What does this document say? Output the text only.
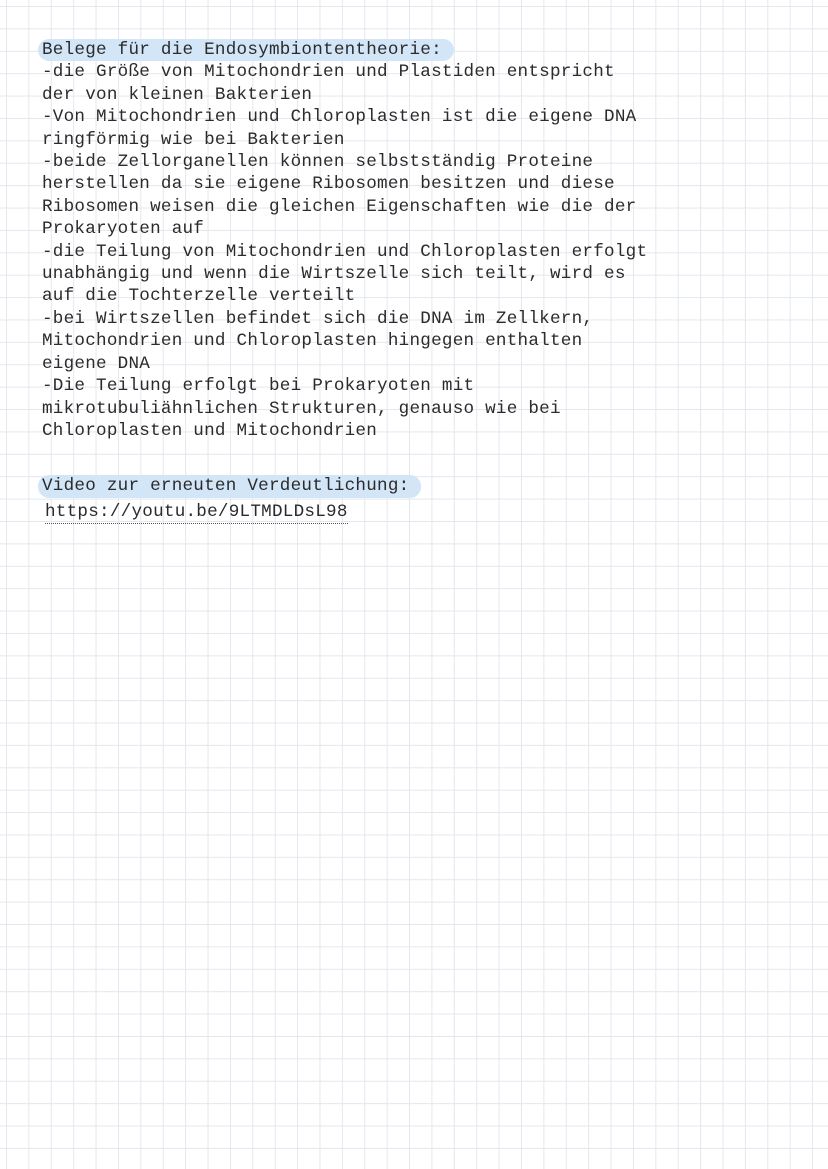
Belege für die Endosymbiontentheorie:
-die Größe von Mitochondrien und Plastiden entspricht
der von kleinen Bakterien
-Von Mitochondrien und Chloroplasten ist die eigene DNA
ringförmig wie bei Bakterien
-beide Zellorganellen können selbstständig Proteine
herstellen da sie eigene Ribosomen besitzen und diese
Ribosomen weisen die gleichen Eigenschaften wie die der
Prokaryoten auf
-die Teilung von Mitochondrien und Chloroplasten erfolgt
unabhängig und wenn die Wirtszelle sich teilt, wird es
auf die Tochterzelle verteilt
-bei Wirtszellen befindet sich die DNA im Zellkern,
Mitochondrien und Chloroplasten hingegen enthalten
eigene DNA
-Die Teilung erfolgt bei Prokaryoten mit
mikrotubuliähnlichen Strukturen, genauso wie bei
Chloroplasten und Mitochondrien
Video zur erneuten Verdeutlichung:
https://youtu.be/9LTMDLDsL98
